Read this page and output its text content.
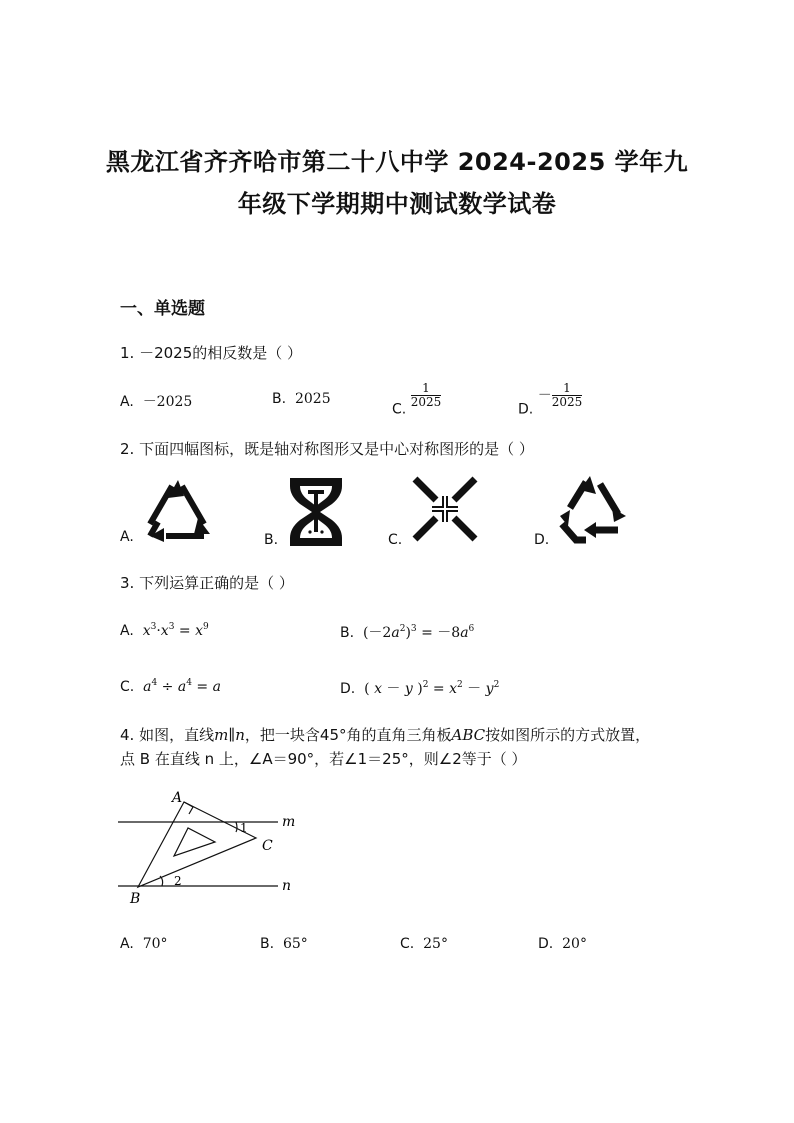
黑龙江省齐齐哈市第二十八中学 2024-2025 学年九
年级下学期期中测试数学试卷
一、单选题
1. －2025的相反数是（ ）
A. －2025	B. 2025
C.
$\frac{1}{2025}$
D. － $\frac{1}{2025}$
2. 下面四幅图标，既是轴对称图形又是中心对称图形的是（ ）
A.	B.	C.	D.
3. 下列运算正确的是（ ）
A. $x^3\cdot x^3 = x^9$	B. $(-2a^2)^3 = -8a^6$
C. $a^4 \div a^4 = a$	D. ( x － y )$^2 = x^2 - y^2$
4. 如图，直线m∥n，把一块含45°角的直角三角板ABC按如图所示的方式放置，
点 B 在直线 n 上，∠A＝90°，若∠1＝25°，则∠2等于（ ）
A
B
C
m
n
1
2
A. 70°	B. 65°	C. 25°	D. 20°
